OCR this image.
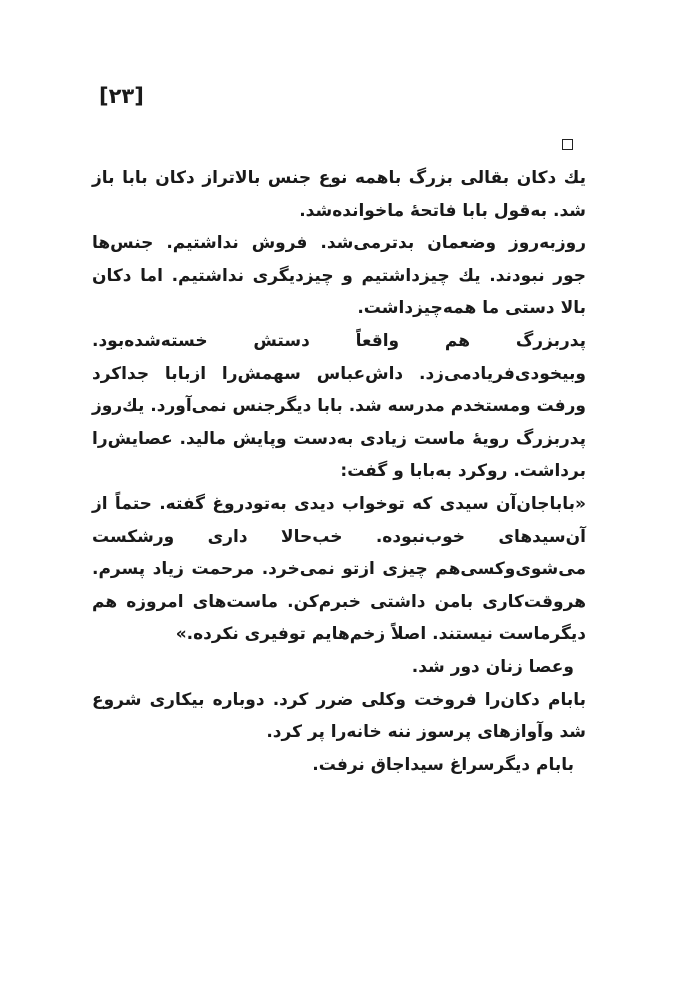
[۲۳]

یك دکان بقالی بزرگ باهمه نوع جنس بالاتراز دکان بابا باز شد. به‌قول بابا فاتحهٔ ماخوانده‌شد.

روزبه‌روز وضعمان بدترمی‌شد. فروش نداشتیم. جنس‌ها جور نبودند. یك چیزداشتیم و چیزدیگری نداشتیم. اما دکان بالا دستی ما همه‌چیزداشت.

پدربزرگ هم واقعاً دستش خسته‌شده‌بود. وبیخودی‌فریادمی‌زد. داش‌عباس سهمش‌را ازبابا جداکرد ورفت ومستخدم مدرسه شد. بابا دیگرجنس نمی‌آورد. یك‌روز پدربزرگ رویهٔ ماست زیادی به‌دست وپایش مالید. عصایش‌را برداشت. روکرد به‌بابا و گفت:

«باباجان‌آن سیدی که توخواب دیدی به‌تودروغ گفته. حتماً از آن‌سیدهای خوب‌نبوده. خب‌حالا داری ورشکست می‌شوی‌وکسی‌هم چیزی ازتو نمی‌خرد. مرحمت زیاد پسرم. هروقت‌کاری بامن داشتی خبرم‌کن. ماست‌های امروزه هم دیگرماست نیستند. اصلاً زخم‌هایم توفیری نکرده.»

وعصا زنان دور شد.

بابام دکان‌را فروخت وکلی ضرر کرد. دوباره بیکاری شروع شد وآوازهای پرسوز ننه خانه‌را پر کرد.

بابام دیگرسراغ سیداجاق نرفت.
